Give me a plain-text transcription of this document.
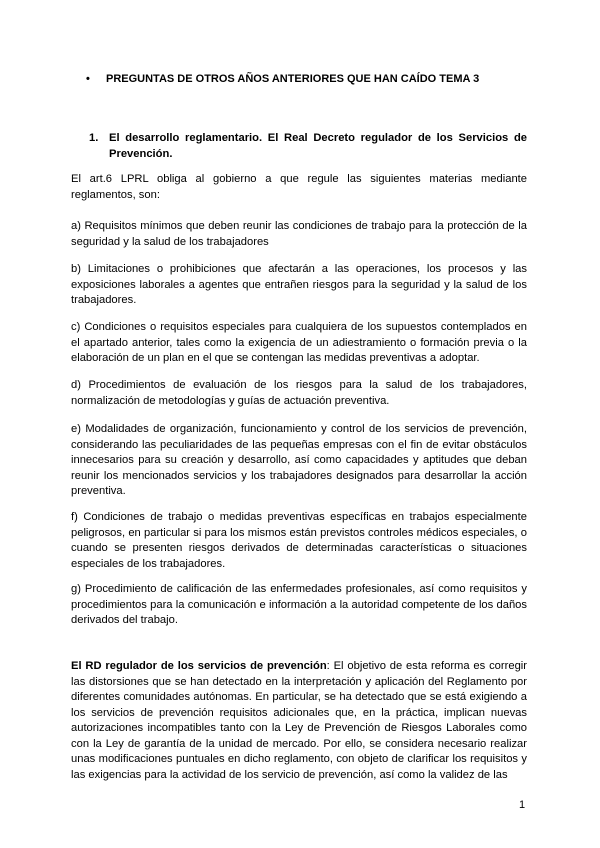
• PREGUNTAS DE OTROS AÑOS ANTERIORES QUE HAN CAÍDO TEMA 3
1. El desarrollo reglamentario. El Real Decreto regulador de los Servicios de Prevención.
El art.6 LPRL obliga al gobierno a que regule las siguientes materias mediante reglamentos, son:
a) Requisitos mínimos que deben reunir las condiciones de trabajo para la protección de la seguridad y la salud de los trabajadores
b) Limitaciones o prohibiciones que afectarán a las operaciones, los procesos y las exposiciones laborales a agentes que entrañen riesgos para la seguridad y la salud de los trabajadores.
c) Condiciones o requisitos especiales para cualquiera de los supuestos contemplados en el apartado anterior, tales como la exigencia de un adiestramiento o formación previa o la elaboración de un plan en el que se contengan las medidas preventivas a adoptar.
d) Procedimientos de evaluación de los riesgos para la salud de los trabajadores, normalización de metodologías y guías de actuación preventiva.
e) Modalidades de organización, funcionamiento y control de los servicios de prevención, considerando las peculiaridades de las pequeñas empresas con el fin de evitar obstáculos innecesarios para su creación y desarrollo, así como capacidades y aptitudes que deban reunir los mencionados servicios y los trabajadores designados para desarrollar la acción preventiva.
f) Condiciones de trabajo o medidas preventivas específicas en trabajos especialmente peligrosos, en particular si para los mismos están previstos controles médicos especiales, o cuando se presenten riesgos derivados de determinadas características o situaciones especiales de los trabajadores.
g) Procedimiento de calificación de las enfermedades profesionales, así como requisitos y procedimientos para la comunicación e información a la autoridad competente de los daños derivados del trabajo.
El RD regulador de los servicios de prevención: El objetivo de esta reforma es corregir las distorsiones que se han detectado en la interpretación y aplicación del Reglamento por diferentes comunidades autónomas. En particular, se ha detectado que se está exigiendo a los servicios de prevención requisitos adicionales que, en la práctica, implican nuevas autorizaciones incompatibles tanto con la Ley de Prevención de Riesgos Laborales como con la Ley de garantía de la unidad de mercado. Por ello, se considera necesario realizar unas modificaciones puntuales en dicho reglamento, con objeto de clarificar los requisitos y las exigencias para la actividad de los servicio de prevención, así como la validez de las
1
